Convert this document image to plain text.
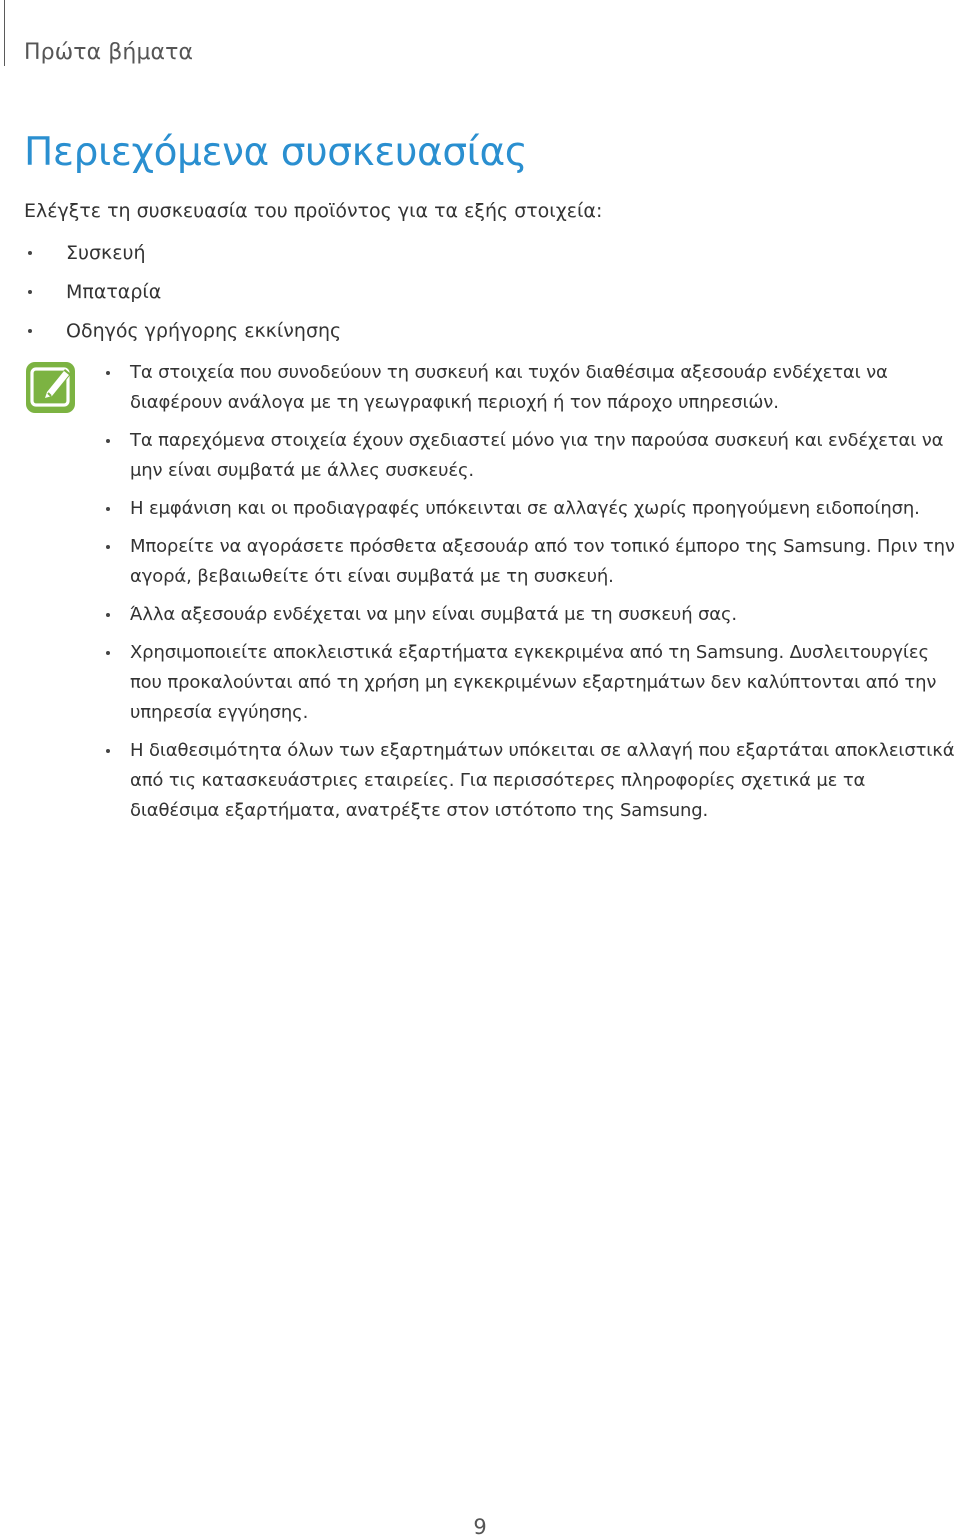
Πρώτα βήματα
Περιεχόμενα συσκευασίας
Ελέγξτε τη συσκευασία του προϊόντος για τα εξής στοιχεία:
Συσκευή
Μπαταρία
Οδηγός γρήγορης εκκίνησης
Τα στοιχεία που συνοδεύουν τη συσκευή και τυχόν διαθέσιμα αξεσουάρ ενδέχεται να διαφέρουν ανάλογα με τη γεωγραφική περιοχή ή τον πάροχο υπηρεσιών.
Τα παρεχόμενα στοιχεία έχουν σχεδιαστεί μόνο για την παρούσα συσκευή και ενδέχεται να μην είναι συμβατά με άλλες συσκευές.
Η εμφάνιση και οι προδιαγραφές υπόκεινται σε αλλαγές χωρίς προηγούμενη ειδοποίηση.
Μπορείτε να αγοράσετε πρόσθετα αξεσουάρ από τον τοπικό έμπορο της Samsung. Πριν την αγορά, βεβαιωθείτε ότι είναι συμβατά με τη συσκευή.
Άλλα αξεσουάρ ενδέχεται να μην είναι συμβατά με τη συσκευή σας.
Χρησιμοποιείτε αποκλειστικά εξαρτήματα εγκεκριμένα από τη Samsung. Δυσλειτουργίες που προκαλούνται από τη χρήση μη εγκεκριμένων εξαρτημάτων δεν καλύπτονται από την υπηρεσία εγγύησης.
Η διαθεσιμότητα όλων των εξαρτημάτων υπόκειται σε αλλαγή που εξαρτάται αποκλειστικά από τις κατασκευάστριες εταιρείες. Για περισσότερες πληροφορίες σχετικά με τα διαθέσιμα εξαρτήματα, ανατρέξτε στον ιστότοπο της Samsung.
9
